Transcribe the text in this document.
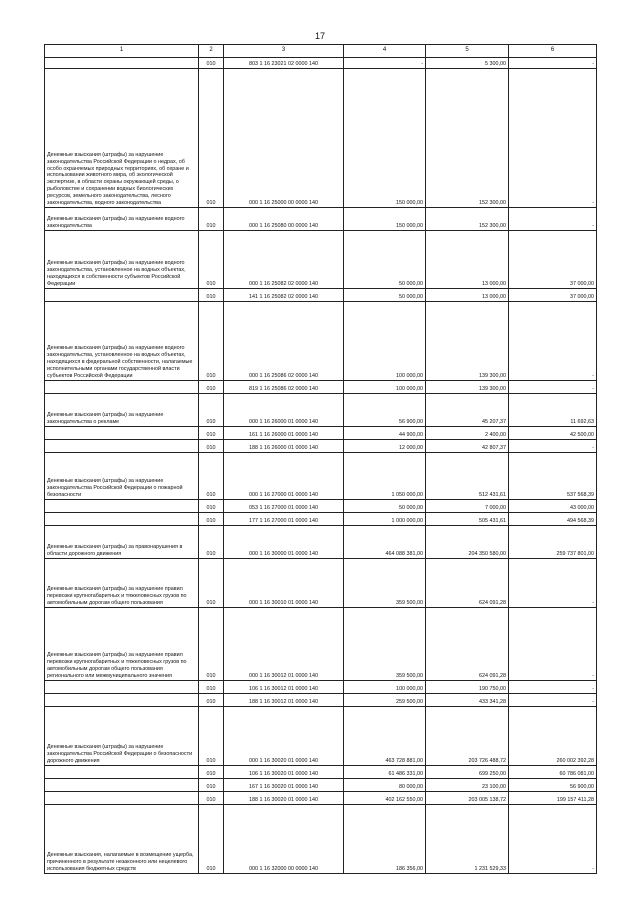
17
1	2	3	4	5	6
	010	803 1 16 23021 02 0000 140	-	5 300,00	-
Денежные взыскания (штрафы) за нарушение законодательства Российской Федерации о недрах, об особо охраняемых природных территориях, об охране и использовании животного мира, об экологической экспертизе, в области охраны окружающей среды, о рыболовстве и сохранении водных биологических ресурсов, земельного законодательства, лесного законодательства, водного законодательства	010	000 1 16 25000 00 0000 140	150 000,00	152 300,00	-
Денежные взыскания (штрафы) за нарушение водного законодательства	010	000 1 16 25080 00 0000 140	150 000,00	152 300,00	-
Денежные взыскания (штрафы) за нарушение водного законодательства, установленное на водных объектах, находящихся в собственности субъектов Российской Федерации	010	000 1 16 25082 02 0000 140	50 000,00	13 000,00	37 000,00
	010	141 1 16 25082 02 0000 140	50 000,00	13 000,00	37 000,00
Денежные взыскания (штрафы) за нарушение водного законодательства, установленное на водных объектах, находящихся в федеральной собственности, налагаемые исполнительными органами государственной власти субъектов Российской Федерации	010	000 1 16 25086 02 0000 140	100 000,00	139 300,00	-
	010	819 1 16 25086 02 0000 140	100 000,00	139 300,00	-
Денежные взыскания (штрафы) за нарушение законодательства о рекламе	010	000 1 16 26000 01 0000 140	56 900,00	45 207,37	11 692,63
	010	161 1 16 26000 01 0000 140	44 900,00	2 400,00	42 500,00
	010	188 1 16 26000 01 0000 140	12 000,00	42 807,37	-
Денежные взыскания (штрафы) за нарушение законодательства Российской Федерации о пожарной безопасности	010	000 1 16 27000 01 0000 140	1 050 000,00	512 431,61	537 568,39
	010	053 1 16 27000 01 0000 140	50 000,00	7 000,00	43 000,00
	010	177 1 16 27000 01 0000 140	1 000 000,00	505 431,61	494 568,39
Денежные взыскания (штрафы) за правонарушения в области дорожного движения	010	000 1 16 30000 01 0000 140	464 088 381,00	204 350 580,00	259 737 801,00
Денежные взыскания (штрафы) за нарушение правил перевозки крупногабаритных и тяжеловесных грузов по автомобильным дорогам общего пользования	010	000 1 16 30010 01 0000 140	359 500,00	624 091,28	-
Денежные взыскания (штрафы) за нарушение правил перевозки крупногабаритных и тяжеловесных грузов по автомобильным дорогам общего пользования регионального или межмуниципального значения	010	000 1 16 30012 01 0000 140	359 500,00	624 091,28	-
	010	106 1 16 30012 01 0000 140	100 000,00	190 750,00	-
	010	188 1 16 30012 01 0000 140	259 500,00	433 341,28	-
Денежные взыскания (штрафы) за нарушение законодательства Российской Федерации о безопасности дорожного движения	010	000 1 16 30020 01 0000 140	463 728 881,00	203 726 488,72	260 002 392,28
	010	106 1 16 30020 01 0000 140	61 486 331,00	699 250,00	60 786 081,00
	010	167 1 16 30020 01 0000 140	80 000,00	23 100,00	56 900,00
	010	188 1 16 30020 01 0000 140	402 162 550,00	203 005 138,72	199 157 411,28
Денежные взыскания, налагаемые в возмещение ущерба, причиненного в результате незаконного или нецелевого использования бюджетных средств	010	000 1 16 32000 00 0000 140	186 356,00	1 231 529,33	-
